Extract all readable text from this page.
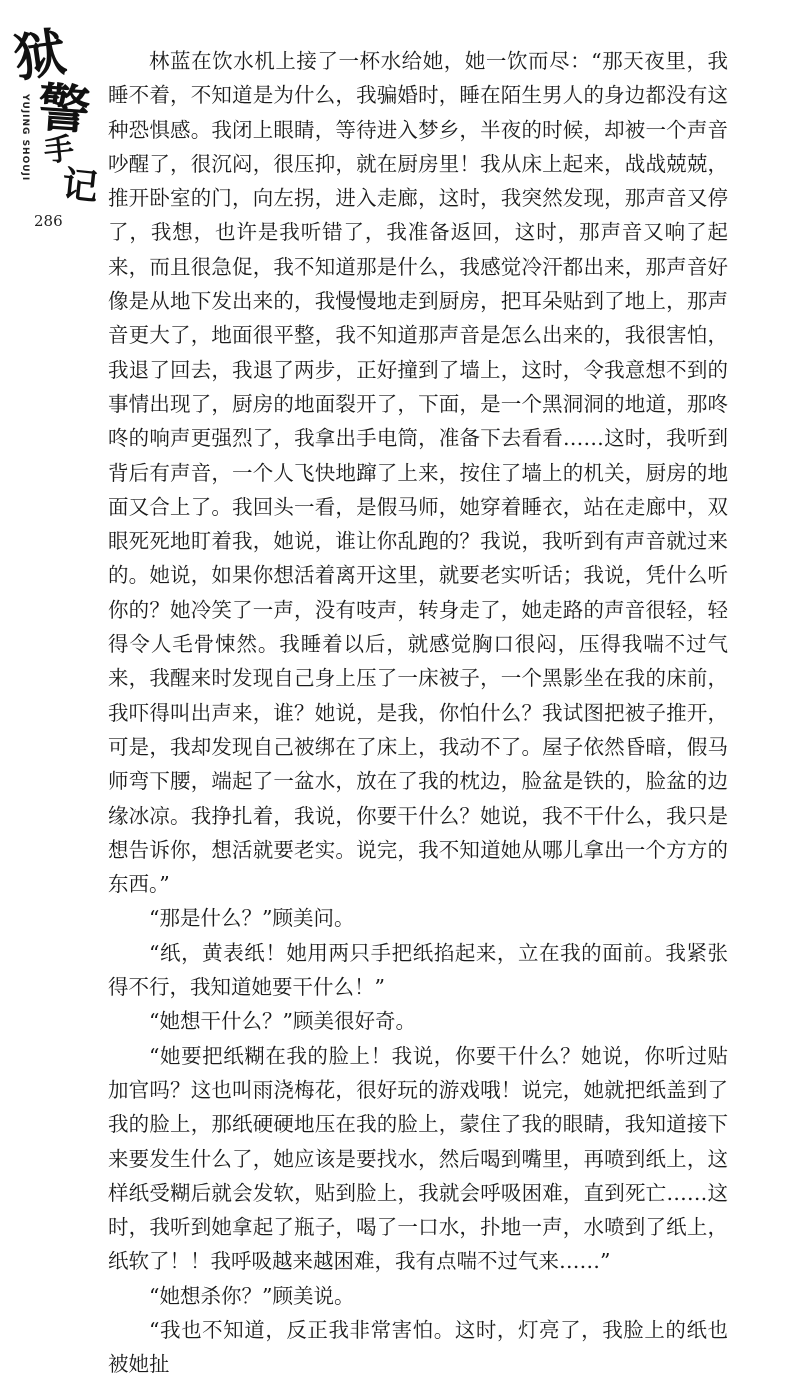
狱
警
手
记
YUJING SHOUJI
286

林蓝在饮水机上接了一杯水给她，她一饮而尽：“那天夜里，我睡不着，不知道是为什么，我骗婚时，睡在陌生男人的身边都没有这种恐惧感。我闭上眼睛，等待进入梦乡，半夜的时候，却被一个声音吵醒了，很沉闷，很压抑，就在厨房里！我从床上起来，战战兢兢，推开卧室的门，向左拐，进入走廊，这时，我突然发现，那声音又停了，我想，也许是我听错了，我准备返回，这时，那声音又响了起来，而且很急促，我不知道那是什么，我感觉冷汗都出来，那声音好像是从地下发出来的，我慢慢地走到厨房，把耳朵贴到了地上，那声音更大了，地面很平整，我不知道那声音是怎么出来的，我很害怕，我退了回去，我退了两步，正好撞到了墙上，这时，令我意想不到的事情出现了，厨房的地面裂开了，下面，是一个黑洞洞的地道，那咚咚的响声更强烈了，我拿出手电筒，准备下去看看……这时，我听到背后有声音，一个人飞快地蹿了上来，按住了墙上的机关，厨房的地面又合上了。我回头一看，是假马师，她穿着睡衣，站在走廊中，双眼死死地盯着我，她说，谁让你乱跑的？我说，我听到有声音就过来的。她说，如果你想活着离开这里，就要老实听话；我说，凭什么听你的？她冷笑了一声，没有吱声，转身走了，她走路的声音很轻，轻得令人毛骨悚然。我睡着以后，就感觉胸口很闷，压得我喘不过气来，我醒来时发现自己身上压了一床被子，一个黑影坐在我的床前，我吓得叫出声来，谁？她说，是我，你怕什么？我试图把被子推开，可是，我却发现自己被绑在了床上，我动不了。屋子依然昏暗，假马师弯下腰，端起了一盆水，放在了我的枕边，脸盆是铁的，脸盆的边缘冰凉。我挣扎着，我说，你要干什么？她说，我不干什么，我只是想告诉你，想活就要老实。说完，我不知道她从哪儿拿出一个方方的东西。”

“那是什么？”顾美问。

“纸，黄表纸！她用两只手把纸掐起来，立在我的面前。我紧张得不行，我知道她要干什么！”

“她想干什么？”顾美很好奇。

“她要把纸糊在我的脸上！我说，你要干什么？她说，你听过贴加官吗？这也叫雨浇梅花，很好玩的游戏哦！说完，她就把纸盖到了我的脸上，那纸硬硬地压在我的脸上，蒙住了我的眼睛，我知道接下来要发生什么了，她应该是要找水，然后喝到嘴里，再喷到纸上，这样纸受糊后就会发软，贴到脸上，我就会呼吸困难，直到死亡……这时，我听到她拿起了瓶子，喝了一口水，扑地一声，水喷到了纸上，纸软了！！我呼吸越来越困难，我有点喘不过气来……”

“她想杀你？”顾美说。

“我也不知道，反正我非常害怕。这时，灯亮了，我脸上的纸也被她扯
